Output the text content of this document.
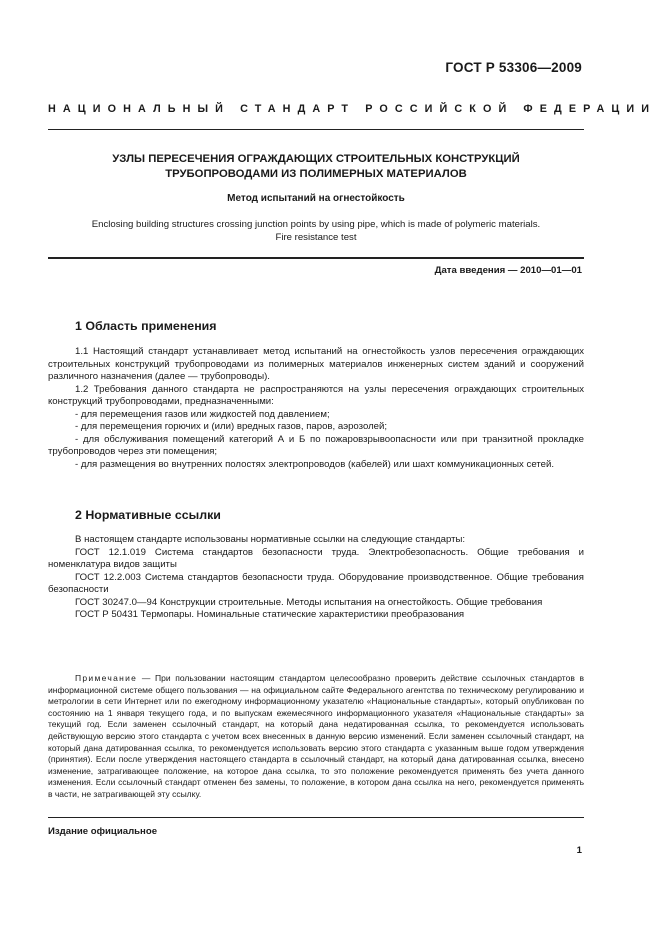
ГОСТ Р 53306—2009
НАЦИОНАЛЬНЫЙ СТАНДАРТ РОССИЙСКОЙ ФЕДЕРАЦИИ
УЗЛЫ ПЕРЕСЕЧЕНИЯ ОГРАЖДАЮЩИХ СТРОИТЕЛЬНЫХ КОНСТРУКЦИЙ
ТРУБОПРОВОДАМИ ИЗ ПОЛИМЕРНЫХ МАТЕРИАЛОВ
Метод испытаний на огнестойкость
Enclosing building structures crossing junction points by using pipe, which is made of polymeric materials.
Fire resistance test
Дата введения — 2010—01—01
1 Область применения

1.1 Настоящий стандарт устанавливает метод испытаний на огнестойкость узлов пересечения ограждающих строительных конструкций трубопроводами из полимерных материалов инженерных систем зданий и сооружений различного назначения (далее — трубопроводы).

1.2 Требования данного стандарта не распространяются на узлы пересечения ограждающих строительных конструкций трубопроводами, предназначенными:

- для перемещения газов или жидкостей под давлением;

- для перемещения горючих и (или) вредных газов, паров, аэрозолей;

- для обслуживания помещений категорий А и Б по пожаровзрывоопасности или при транзитной прокладке трубопроводов через эти помещения;

- для размещения во внутренних полостях электропроводов (кабелей) или шахт коммуникационных сетей.

2 Нормативные ссылки

В настоящем стандарте использованы нормативные ссылки на следующие стандарты:

ГОСТ 12.1.019 Система стандартов безопасности труда. Электробезопасность. Общие требования и номенклатура видов защиты

ГОСТ 12.2.003 Система стандартов безопасности труда. Оборудование производственное. Общие требования безопасности

ГОСТ 30247.0—94 Конструкции строительные. Методы испытания на огнестойкость. Общие требования

ГОСТ Р 50431 Термопары. Номинальные статические характеристики преобразования

Примечание — При пользовании настоящим стандартом целесообразно проверить действие ссылочных стандартов в информационной системе общего пользования — на официальном сайте Федерального агентства по техническому регулированию и метрологии в сети Интернет или по ежегодному информационному указателю «Национальные стандарты», который опубликован по состоянию на 1 января текущего года, и по выпускам ежемесячного информационного указателя «Национальные стандарты» за текущий год. Если заменен ссылочный стандарт, на который дана недатированная ссылка, то рекомендуется использовать действующую версию этого стандарта с учетом всех внесенных в данную версию изменений. Если заменен ссылочный стандарт, на который дана датированная ссылка, то рекомендуется использовать версию этого стандарта с указанным выше годом утверждения (принятия). Если после утверждения настоящего стандарта в ссылочный стандарт, на который дана датированная ссылка, внесено изменение, затрагивающее положение, на которое дана ссылка, то это положение рекомендуется применять без учета данного изменения. Если ссылочный стандарт отменен без замены, то положение, в котором дана ссылка на него, рекомендуется применять в части, не затрагивающей эту ссылку.

Издание официальное
1
